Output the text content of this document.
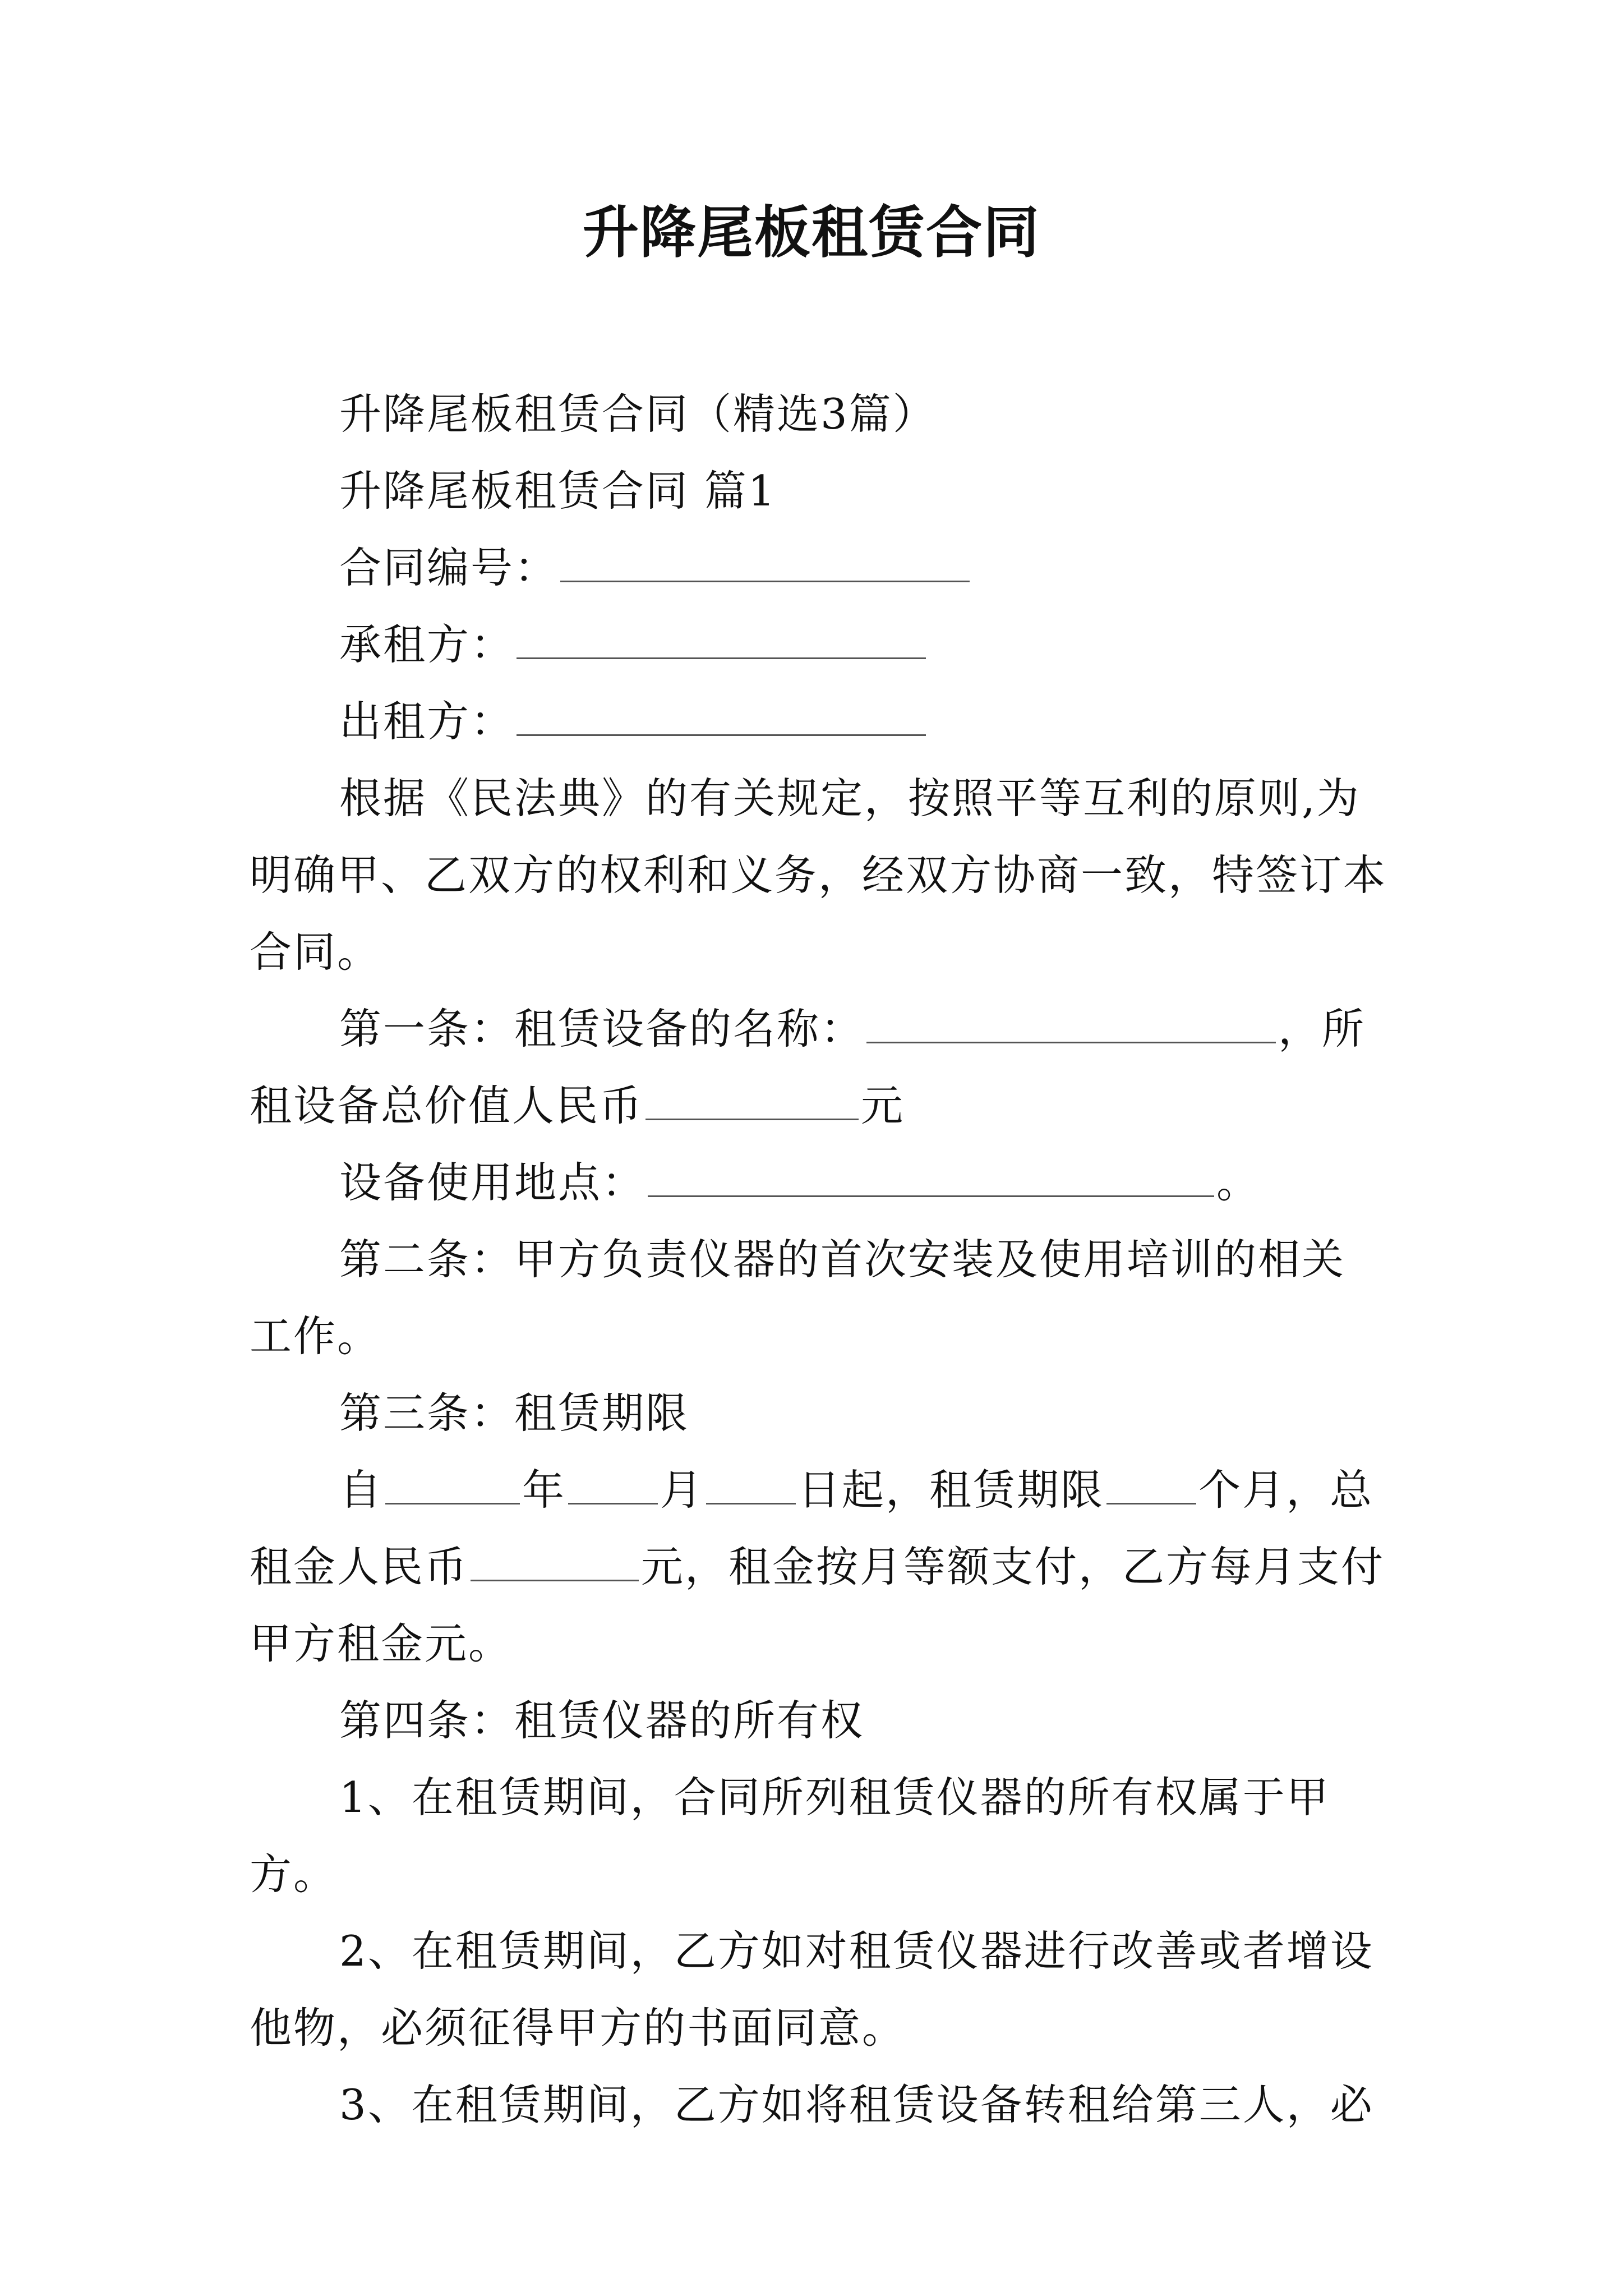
升降尾板租赁合同

升降尾板租赁合同（精选3篇）

升降尾板租赁合同 篇1

合同编号：

承租方：

出租方：

根据《民法典》的有关规定，按照平等互利的原则,为明确甲、乙双方的权利和义务，经双方协商一致，特签订本合同。

第一条：租赁设备的名称：	，所租设备总价值人民币	元

设备使用地点：	。

第二条：甲方负责仪器的首次安装及使用培训的相关工作。

第三条：租赁期限

自	年 月 日起，租赁期限 个月，总租金人民币	元，租金按月等额支付，乙方每月支付甲方租金元。

第四条：租赁仪器的所有权

1、在租赁期间，合同所列租赁仪器的所有权属于甲方。

2、在租赁期间，乙方如对租赁仪器进行改善或者增设他物，必须征得甲方的书面同意。

3、在租赁期间，乙方如将租赁设备转租给第三人，必
